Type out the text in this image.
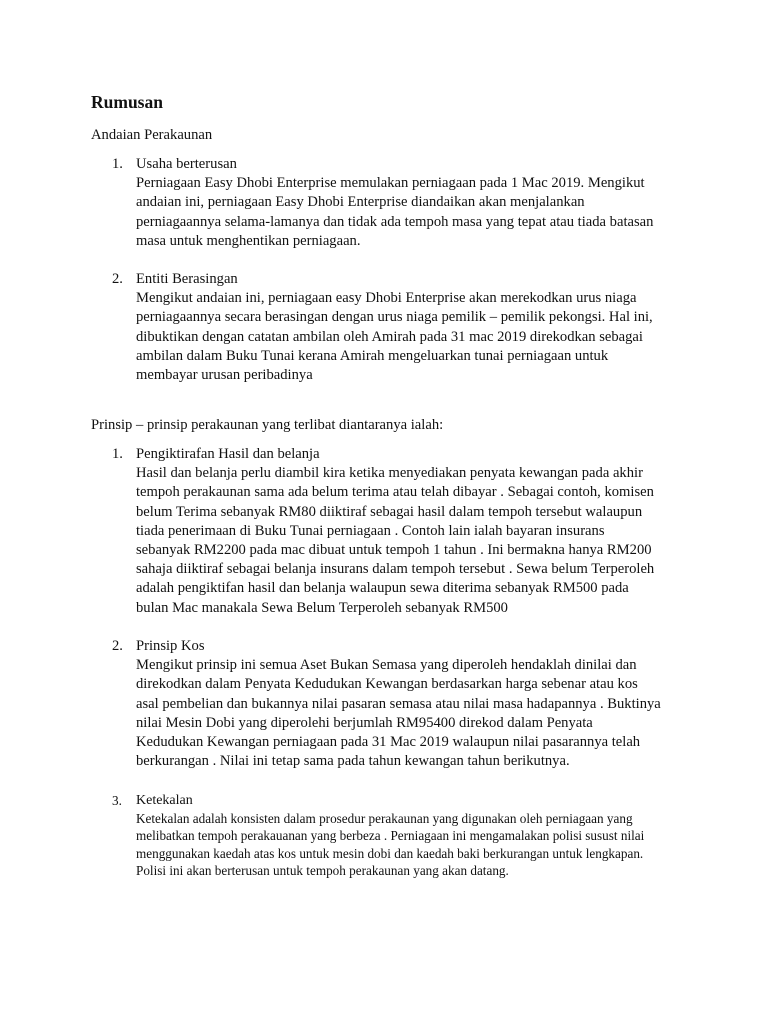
Rumusan

Andaian Perakaunan

1. Usaha berterusan
Perniagaan Easy Dhobi Enterprise memulakan perniagaan pada 1 Mac 2019. Mengikut
andaian ini, perniagaan Easy Dhobi Enterprise diandaikan akan menjalankan
perniagaannya selama-lamanya dan tidak ada tempoh masa yang tepat atau tiada batasan
masa untuk menghentikan perniagaan.
2. Entiti Berasingan
Mengikut andaian ini, perniagaan easy Dhobi Enterprise akan merekodkan urus niaga
perniagaannya secara berasingan dengan urus niaga pemilik – pemilik pekongsi. Hal ini,
dibuktikan dengan catatan ambilan oleh Amirah pada 31 mac 2019 direkodkan sebagai
ambilan dalam Buku Tunai kerana Amirah mengeluarkan tunai perniagaan untuk
membayar urusan peribadinya

Prinsip – prinsip perakaunan yang terlibat diantaranya ialah:

1. Pengiktirafan Hasil dan belanja
Hasil dan belanja perlu diambil kira ketika menyediakan penyata kewangan pada akhir
tempoh perakaunan sama ada belum terima atau telah dibayar . Sebagai contoh, komisen
belum Terima sebanyak RM80 diiktiraf sebagai hasil dalam tempoh tersebut walaupun
tiada penerimaan di Buku Tunai perniagaan . Contoh lain ialah bayaran insurans
sebanyak RM2200 pada mac dibuat untuk tempoh 1 tahun . Ini bermakna hanya RM200
sahaja diiktiraf sebagai belanja insurans dalam tempoh tersebut . Sewa belum Terperoleh
adalah pengiktifan hasil dan belanja walaupun sewa diterima sebanyak RM500 pada
bulan Mac manakala Sewa Belum Terperoleh sebanyak RM500
2. Prinsip Kos
Mengikut prinsip ini semua Aset Bukan Semasa yang diperoleh hendaklah dinilai dan
direkodkan dalam Penyata Kedudukan Kewangan berdasarkan harga sebenar atau kos
asal pembelian dan bukannya nilai pasaran semasa atau nilai masa hadapannya . Buktinya
nilai Mesin Dobi yang diperolehi berjumlah RM95400 direkod dalam Penyata
Kedudukan Kewangan perniagaan pada 31 Mac 2019 walaupun nilai pasarannya telah
berkurangan . Nilai ini tetap sama pada tahun kewangan tahun berikutnya.
3. Ketekalan
Ketekalan adalah konsisten dalam prosedur perakaunan yang digunakan oleh perniagaan yang
melibatkan tempoh perakauanan yang berbeza . Perniagaan ini mengamalakan polisi susust nilai
menggunakan kaedah atas kos untuk mesin dobi dan kaedah baki berkurangan untuk lengkapan.
Polisi ini akan berterusan untuk tempoh perakaunan yang akan datang.
